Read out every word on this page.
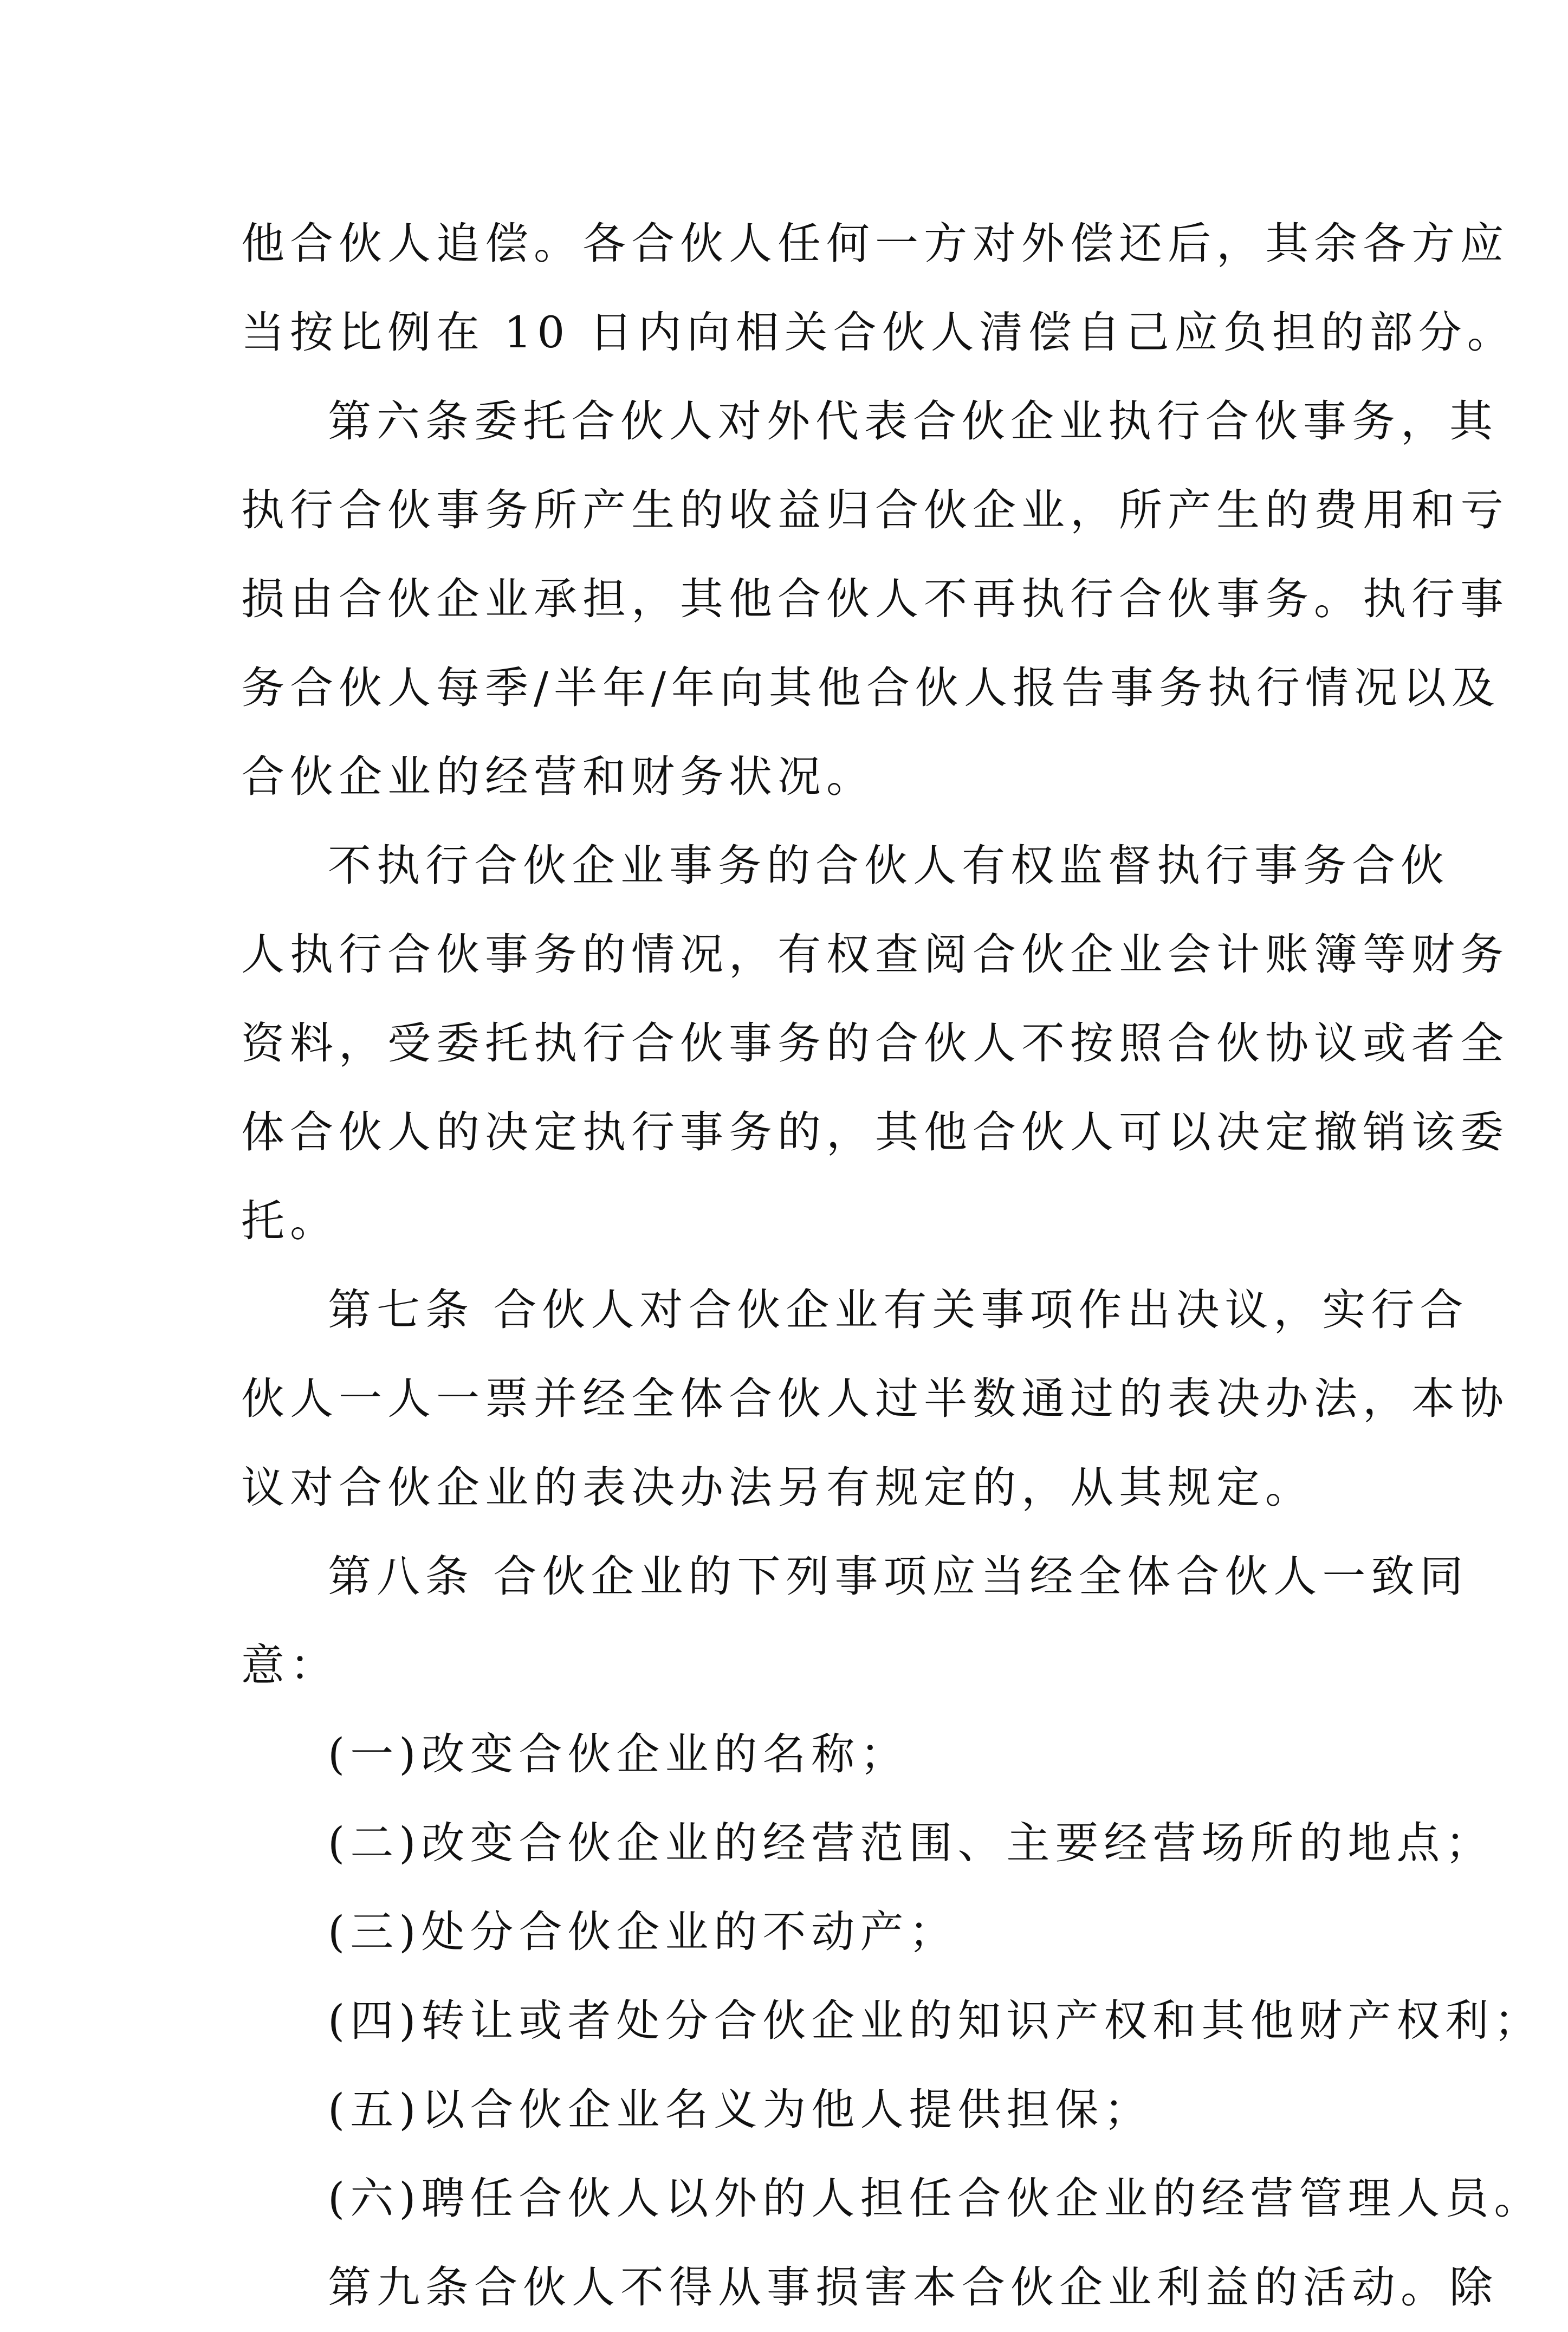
他合伙人追偿。各合伙人任何一方对外偿还后，其余各方应
当按比例在 10 日内向相关合伙人清偿自己应负担的部分。
第六条委托合伙人对外代表合伙企业执行合伙事务，其
执行合伙事务所产生的收益归合伙企业，所产生的费用和亏
损由合伙企业承担，其他合伙人不再执行合伙事务。执行事
务合伙人每季/半年/年向其他合伙人报告事务执行情况以及
合伙企业的经营和财务状况。
不执行合伙企业事务的合伙人有权监督执行事务合伙
人执行合伙事务的情况，有权查阅合伙企业会计账簿等财务
资料，受委托执行合伙事务的合伙人不按照合伙协议或者全
体合伙人的决定执行事务的，其他合伙人可以决定撤销该委
托。
第七条 合伙人对合伙企业有关事项作出决议，实行合
伙人一人一票并经全体合伙人过半数通过的表决办法，本协
议对合伙企业的表决办法另有规定的，从其规定。
第八条 合伙企业的下列事项应当经全体合伙人一致同
意：
(一)改变合伙企业的名称；
(二)改变合伙企业的经营范围、主要经营场所的地点；
(三)处分合伙企业的不动产；
(四)转让或者处分合伙企业的知识产权和其他财产权利；
(五)以合伙企业名义为他人提供担保；
(六)聘任合伙人以外的人担任合伙企业的经营管理人员。
第九条合伙人不得从事损害本合伙企业利益的活动。除
